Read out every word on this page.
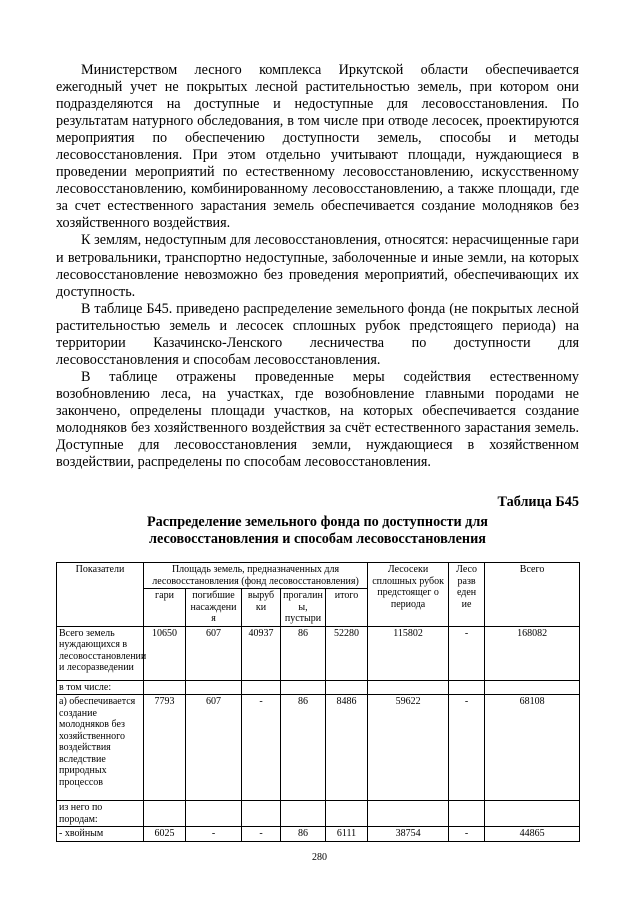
Министерством лесного комплекса Иркутской области обеспечивается ежегодный учет не покрытых лесной растительностью земель, при котором они подразделяются на доступные и недоступные для лесовосстановления. По результатам натурного обследования, в том числе при отводе лесосек, проектируются мероприятия по обеспечению доступности земель, способы и методы лесовосстановления. При этом отдельно учитывают площади, нуждающиеся в проведении мероприятий по естественному лесовосстановлению, искусственному лесовосстановлению, комбинированному лесовосстановлению, а также площади, где за счет естественного зарастания земель обеспечивается создание молодняков без хозяйственного воздействия.

К землям, недоступным для лесовосстановления, относятся: нерасчищенные гари и ветровальники, транспортно недоступные, заболоченные и иные земли, на которых лесовосстановление невозможно без проведения мероприятий, обеспечивающих их доступность.

В таблице Б45. приведено распределение земельного фонда (не покрытых лесной растительностью земель и лесосек сплошных рубок предстоящего периода) на территории Казачинско-Ленского лесничества по доступности для лесовосстановления и способам лесовосстановления.

В таблице отражены проведенные меры содействия естественному возобновлению леса, на участках, где возобновление главными породами не закончено, определены площади участков, на которых обеспечивается создание молодняков без хозяйственного воздействия за счёт естественного зарастания земель. Доступные для лесовосстановления земли, нуждающиеся в хозяйственном воздействии, распределены по способам лесовосстановления.

Таблица Б45
Распределение земельного фонда по доступности для
лесовосстановления и способам лесовосстановления
Показатели	Площадь земель, предназначенных для лесовосстановления (фонд лесовосстановления)					Лесосеки сплошных рубок предстоящег о периода	Лесо разв еден ие	Всего
	гари	погибшие насаждени я	выруб ки	прогалин ы, пустыри	итого			
Всего земель нуждающихся в лесовосстановлении и лесоразведении	10650	607	40937	86	52280	115802	-	168082
в том числе:								
а) обеспечивается создание молодняков без хозяйственного воздействия вследствие природных процессов	7793	607	-	86	8486	59622	-	68108
из него по породам:								
- хвойным	6025	-	-	86	6111	38754	-	44865
280
